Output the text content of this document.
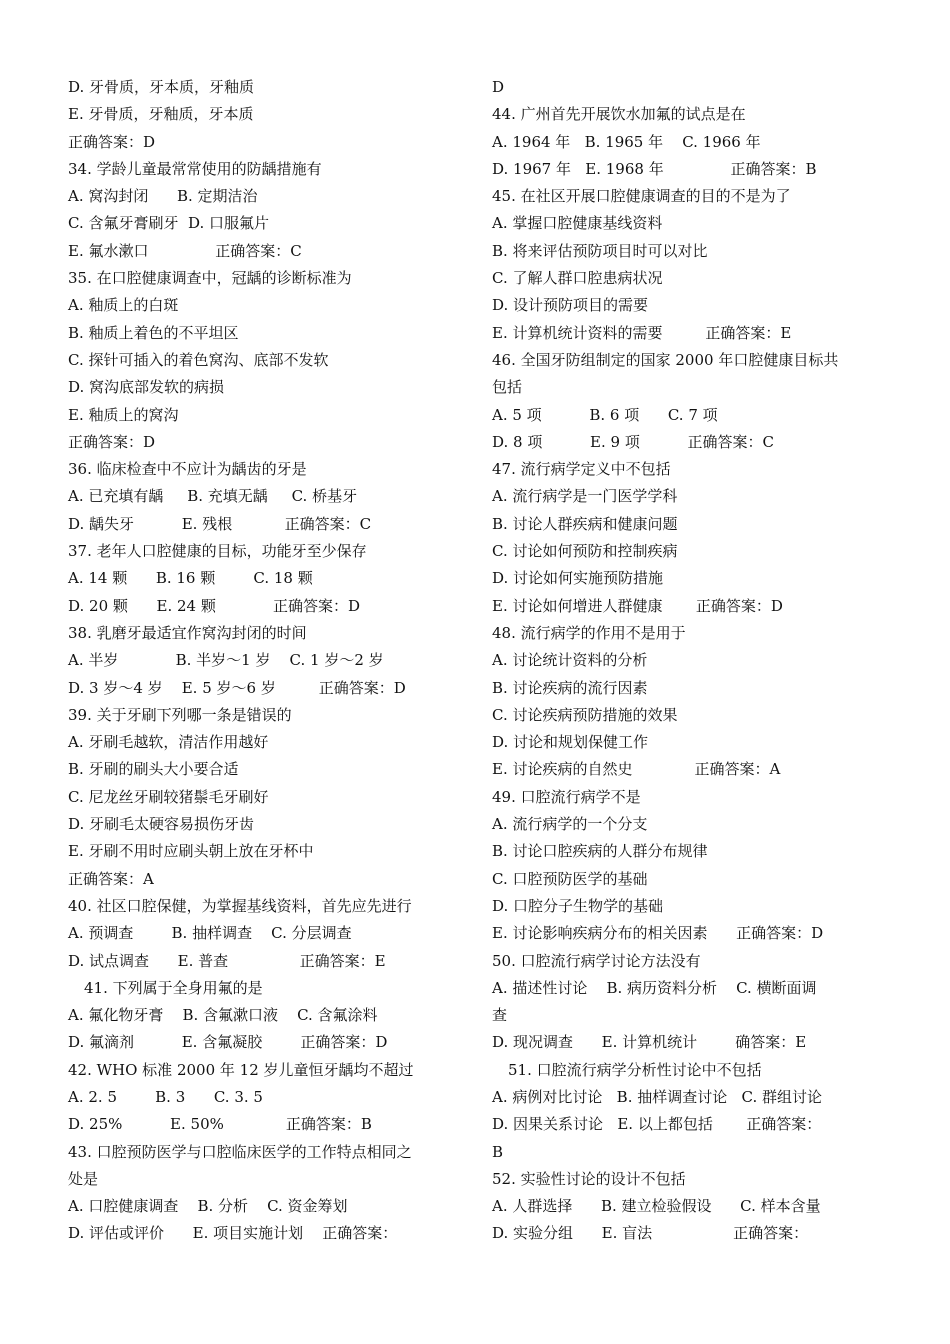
D. 牙骨质，牙本质，牙釉质
E. 牙骨质，牙釉质，牙本质
正确答案：D
34. 学龄儿童最常常使用的防龋措施有
A. 窝沟封闭      B. 定期洁治
C. 含氟牙膏刷牙  D. 口服氟片
E. 氟水漱口              正确答案：C
35. 在口腔健康调查中，冠龋的诊断标准为
A. 釉质上的白斑
B. 釉质上着色的不平坦区
C. 探针可插入的着色窝沟、底部不发软
D. 窝沟底部发软的病损
E. 釉质上的窝沟
正确答案：D
36. 临床检查中不应计为龋齿的牙是
A. 已充填有龋     B. 充填无龋     C. 桥基牙
D. 龋失牙          E. 残根           正确答案：C
37. 老年人口腔健康的目标，功能牙至少保存
A. 14 颗      B. 16 颗        C. 18 颗
D. 20 颗      E. 24 颗            正确答案：D
38. 乳磨牙最适宜作窝沟封闭的时间
A. 半岁            B. 半岁～1 岁    C. 1 岁～2 岁
D. 3 岁～4 岁    E. 5 岁～6 岁         正确答案：D
39. 关于牙刷下列哪一条是错误的
A. 牙刷毛越软，清洁作用越好
B. 牙刷的刷头大小要合适
C. 尼龙丝牙刷较猪鬃毛牙刷好
D. 牙刷毛太硬容易损伤牙齿
E. 牙刷不用时应刷头朝上放在牙杯中
正确答案：A
40. 社区口腔保健，为掌握基线资料，首先应先进行
A. 预调查        B. 抽样调查    C. 分层调查
D. 试点调查      E. 普查               正确答案：E
41. 下列属于全身用氟的是
A. 氟化物牙膏    B. 含氟漱口液    C. 含氟涂料
D. 氟滴剂          E. 含氟凝胶        正确答案：D
42. WHO 标准 2000 年 12 岁儿童恒牙龋均不超过
A. 2. 5        B. 3      C. 3. 5
D. 25%          E. 50%             正确答案：B
43. 口腔预防医学与口腔临床医学的工作特点相同之
处是
A. 口腔健康调查    B. 分析    C. 资金筹划
D. 评估或评价      E. 项目实施计划    正确答案：
D
44. 广州首先开展饮水加氟的试点是在
A. 1964 年   B. 1965 年    C. 1966 年
D. 1967 年   E. 1968 年              正确答案：B
45. 在社区开展口腔健康调查的目的不是为了
A. 掌握口腔健康基线资料
B. 将来评估预防项目时可以对比
C. 了解人群口腔患病状况
D. 设计预防项目的需要
E. 计算机统计资料的需要         正确答案：E
46. 全国牙防组制定的国家 2000 年口腔健康目标共
包括
A. 5 项          B. 6 项      C. 7 项
D. 8 项          E. 9 项          正确答案：C
47. 流行病学定义中不包括
A. 流行病学是一门医学学科
B. 讨论人群疾病和健康问题
C. 讨论如何预防和控制疾病
D. 讨论如何实施预防措施
E. 讨论如何增进人群健康       正确答案：D
48. 流行病学的作用不是用于
A. 讨论统计资料的分析
B. 讨论疾病的流行因素
C. 讨论疾病预防措施的效果
D. 讨论和规划保健工作
E. 讨论疾病的自然史             正确答案：A
49. 口腔流行病学不是
A. 流行病学的一个分支
B. 讨论口腔疾病的人群分布规律
C. 口腔预防医学的基础
D. 口腔分子生物学的基础
E. 讨论影响疾病分布的相关因素      正确答案：D
50. 口腔流行病学讨论方法没有
A. 描述性讨论    B. 病历资料分析    C. 横断面调
查
D. 现况调查      E. 计算机统计        确答案：E
51. 口腔流行病学分析性讨论中不包括
A. 病例对比讨论   B. 抽样调查讨论   C. 群组讨论
D. 因果关系讨论   E. 以上都包括       正确答案：
B
52. 实验性讨论的设计不包括
A. 人群选择      B. 建立检验假设      C. 样本含量
D. 实验分组      E. 盲法                 正确答案：
